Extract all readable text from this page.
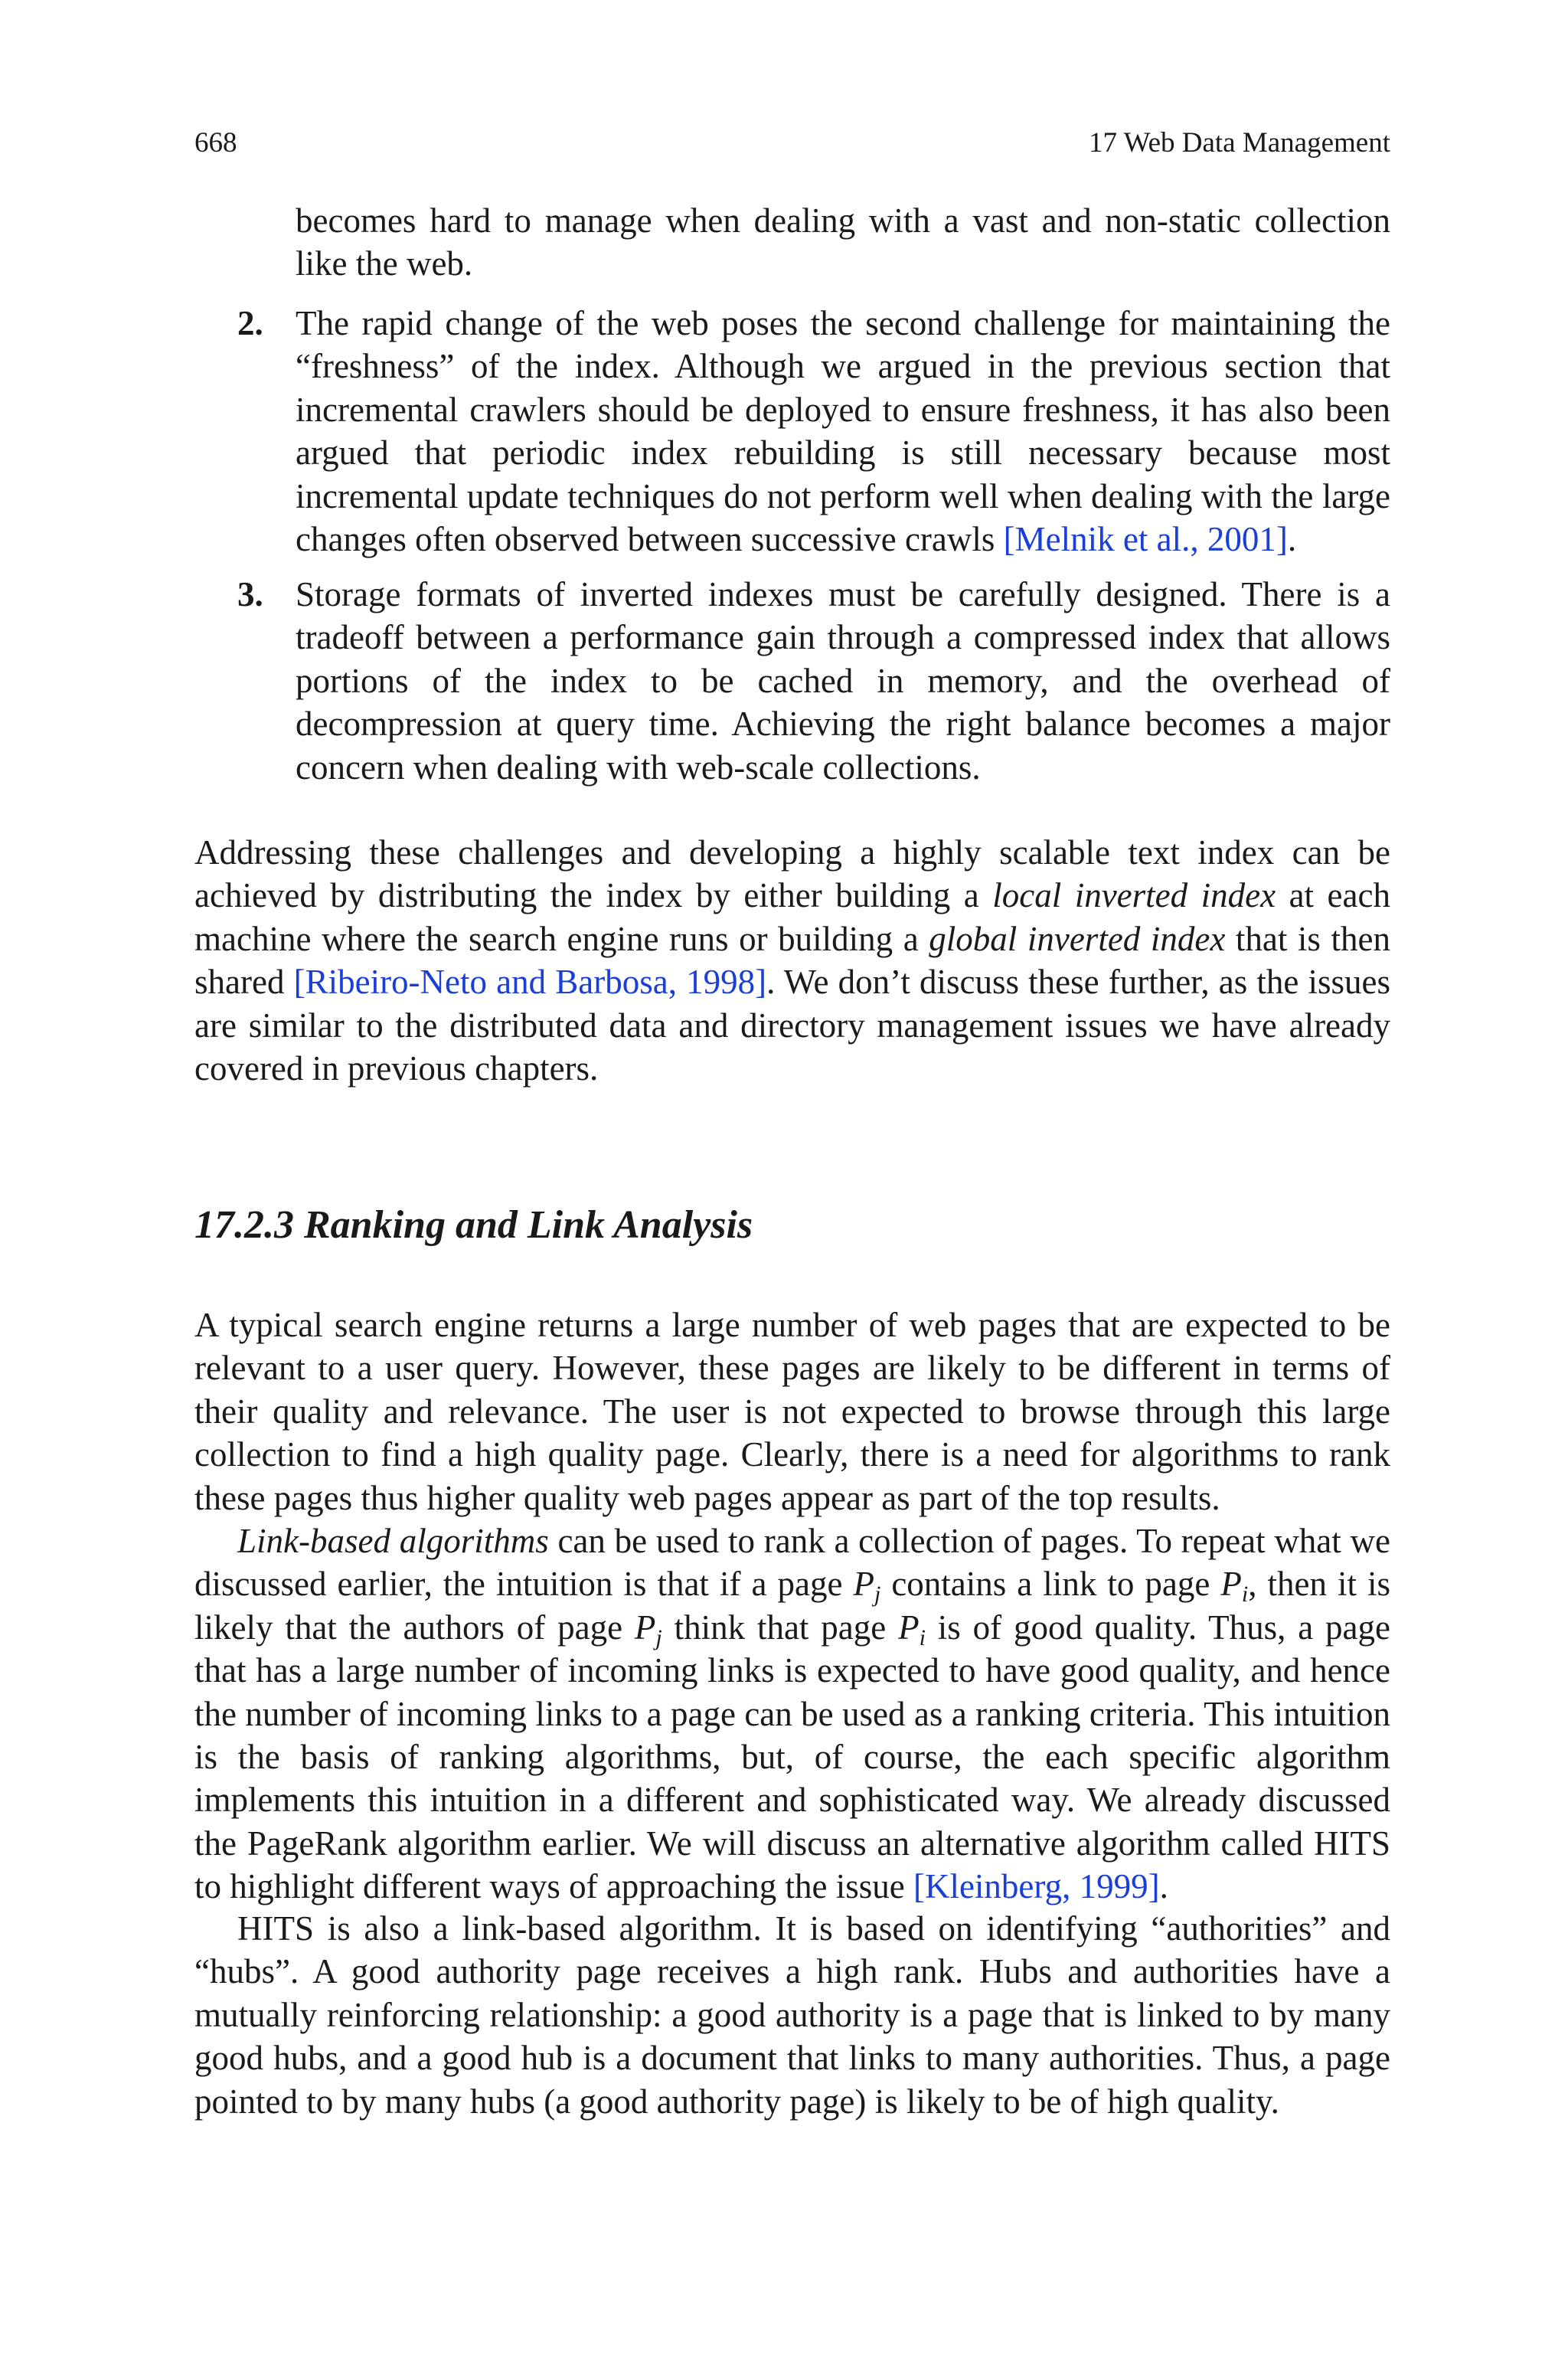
668	17 Web Data Management

becomes hard to manage when dealing with a vast and non-static collection like the web.

2. The rapid change of the web poses the second challenge for maintaining the “freshness” of the index. Although we argued in the previous section that incremental crawlers should be deployed to ensure freshness, it has also been argued that periodic index rebuilding is still necessary because most incremental update techniques do not perform well when dealing with the large changes often observed between successive crawls [Melnik et al., 2001].

3. Storage formats of inverted indexes must be carefully designed. There is a tradeoff between a performance gain through a compressed index that allows portions of the index to be cached in memory, and the overhead of decompression at query time. Achieving the right balance becomes a major concern when dealing with web-scale collections.

Addressing these challenges and developing a highly scalable text index can be achieved by distributing the index by either building a local inverted index at each machine where the search engine runs or building a global inverted index that is then shared [Ribeiro-Neto and Barbosa, 1998]. We don’t discuss these further, as the issues are similar to the distributed data and directory management issues we have already covered in previous chapters.

17.2.3 Ranking and Link Analysis

A typical search engine returns a large number of web pages that are expected to be relevant to a user query. However, these pages are likely to be different in terms of their quality and relevance. The user is not expected to browse through this large collection to find a high quality page. Clearly, there is a need for algorithms to rank these pages thus higher quality web pages appear as part of the top results.

Link-based algorithms can be used to rank a collection of pages. To repeat what we discussed earlier, the intuition is that if a page $P_j$ contains a link to page $P_i$, then it is likely that the authors of page $P_j$ think that page $P_i$ is of good quality. Thus, a page that has a large number of incoming links is expected to have good quality, and hence the number of incoming links to a page can be used as a ranking criteria. This intuition is the basis of ranking algorithms, but, of course, the each specific algorithm implements this intuition in a different and sophisticated way. We already discussed the PageRank algorithm earlier. We will discuss an alternative algorithm called HITS to highlight different ways of approaching the issue [Kleinberg, 1999].

HITS is also a link-based algorithm. It is based on identifying “authorities” and “hubs”. A good authority page receives a high rank. Hubs and authorities have a mutually reinforcing relationship: a good authority is a page that is linked to by many good hubs, and a good hub is a document that links to many authorities. Thus, a page pointed to by many hubs (a good authority page) is likely to be of high quality.
